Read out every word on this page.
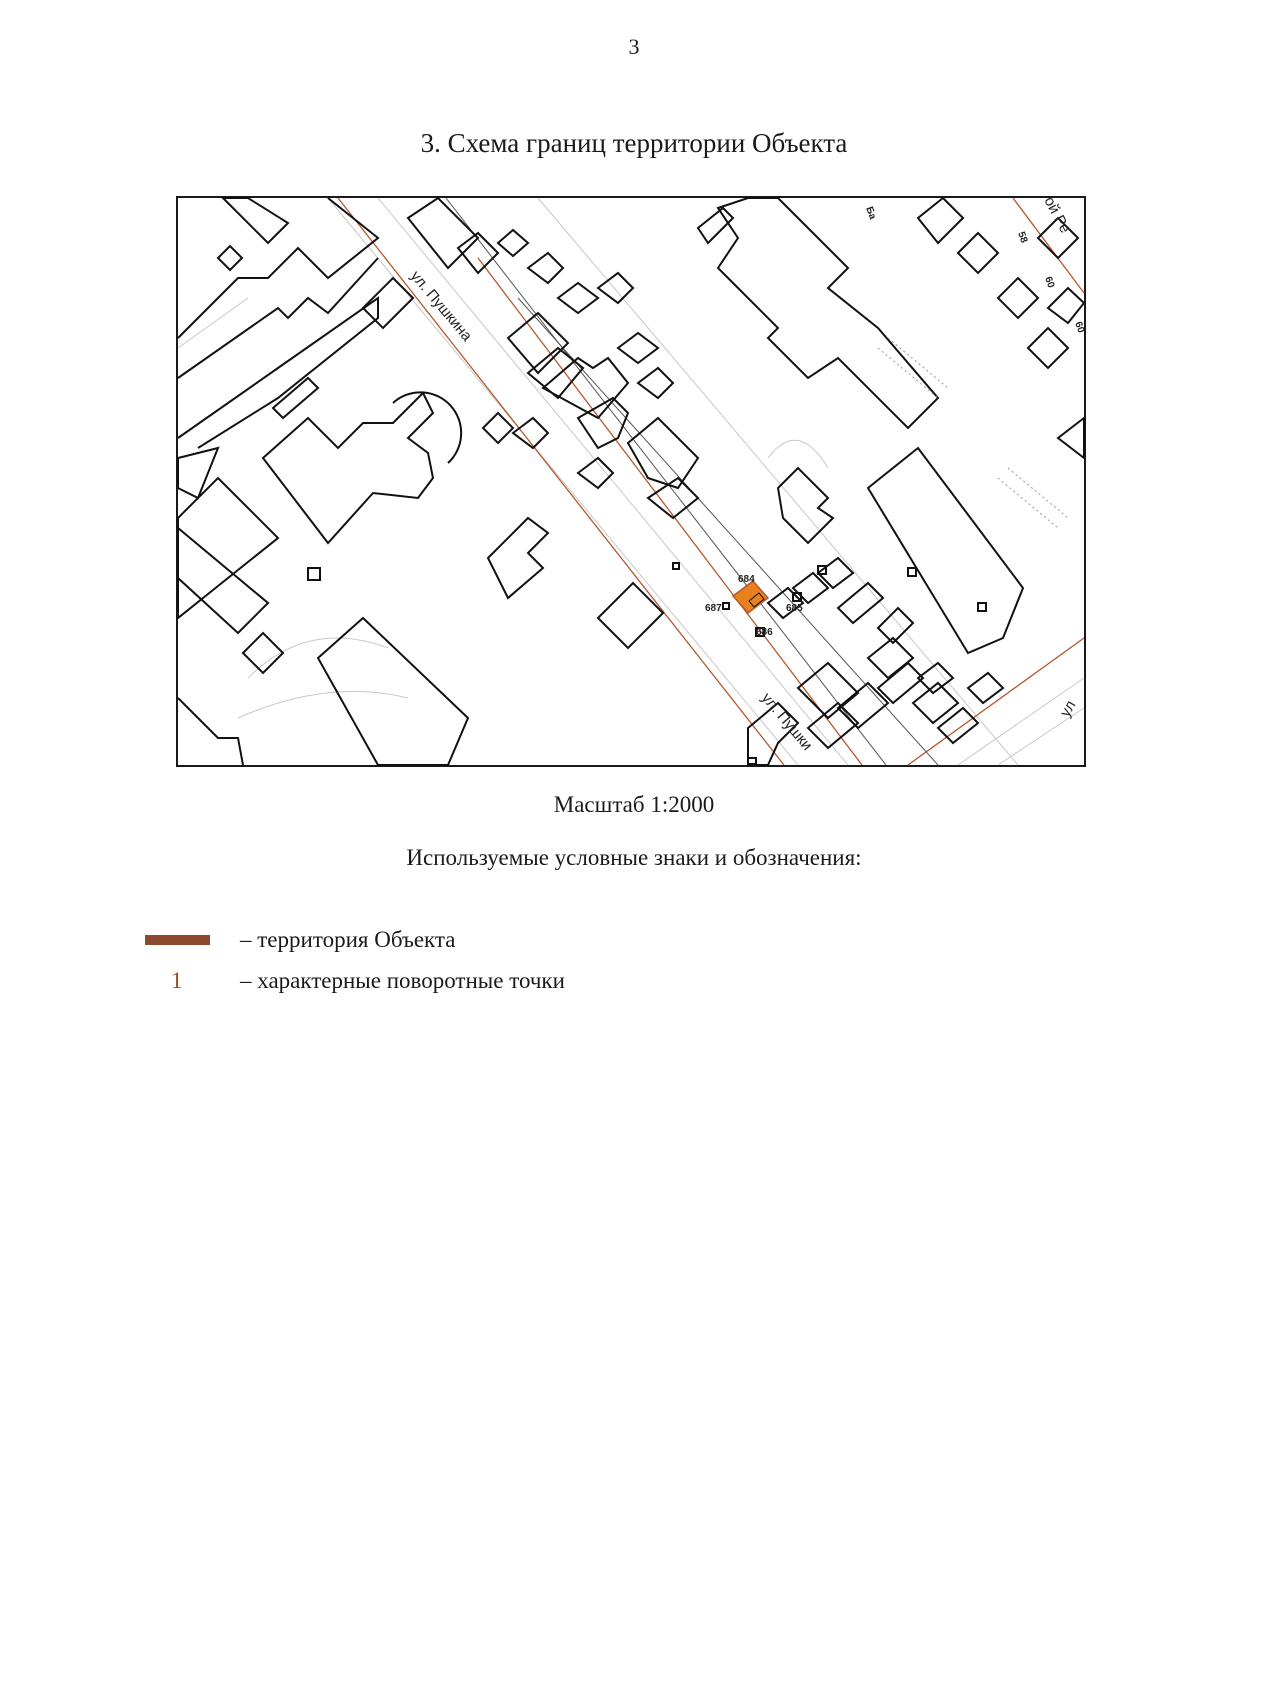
3
3. Схема границ территории Объекта
684
685
686
687
ул. Пушкина
ул. Пушки
ой Ре
ул
58
60
60
Ба
Масштаб 1:2000
Используемые условные знаки и обозначения:
– территория Объекта
1	– характерные поворотные точки
